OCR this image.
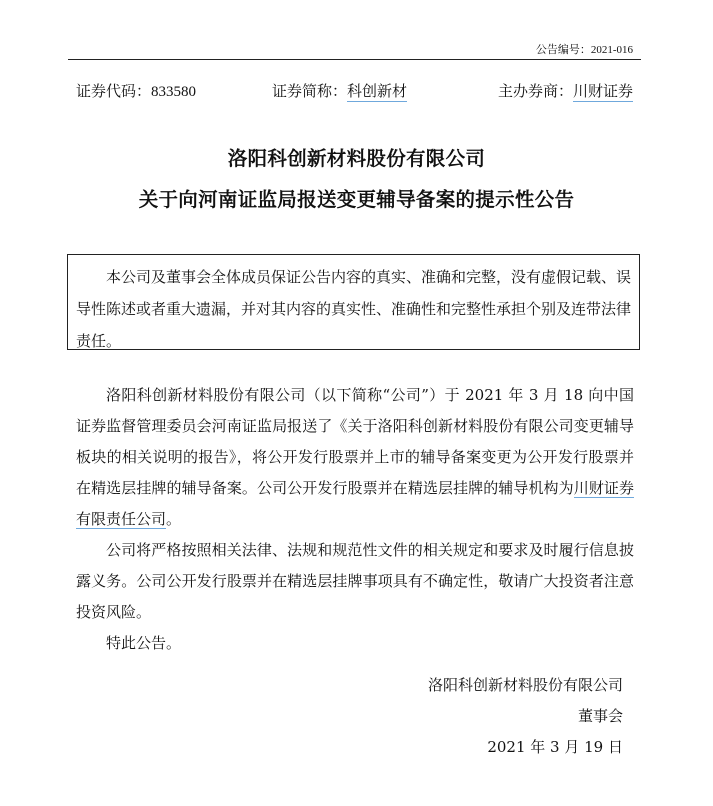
公告编号：2021-016
证券代码：833580	证券简称：科创新材	主办券商：川财证券
洛阳科创新材料股份有限公司
关于向河南证监局报送变更辅导备案的提示性公告

本公司及董事会全体成员保证公告内容的真实、准确和完整，没有虚假记载、误导性陈述或者重大遗漏，并对其内容的真实性、准确性和完整性承担个别及连带法律责任。

洛阳科创新材料股份有限公司（以下简称“公司”）于 2021 年 3 月 18 向中国证券监督管理委员会河南证监局报送了《关于洛阳科创新材料股份有限公司变更辅导板块的相关说明的报告》，将公开发行股票并上市的辅导备案变更为公开发行股票并在精选层挂牌的辅导备案。公司公开发行股票并在精选层挂牌的辅导机构为川财证券有限责任公司。

公司将严格按照相关法律、法规和规范性文件的相关规定和要求及时履行信息披露义务。公司公开发行股票并在精选层挂牌事项具有不确定性，敬请广大投资者注意投资风险。

特此公告。

洛阳科创新材料股份有限公司
董事会
2021 年 3 月 19 日
